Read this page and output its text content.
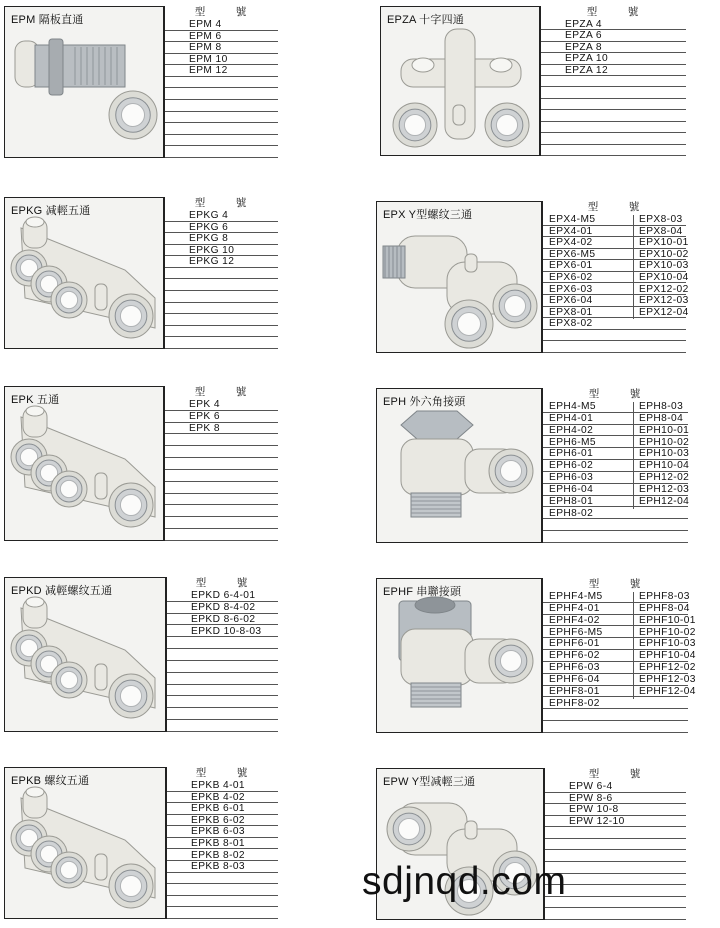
EPM 隔板直通
型　號
EPM 4
EPM 6
EPM 8
EPM 10
EPM 12
EPZA 十字四通
型　號
EPZA 4
EPZA 6
EPZA 8
EPZA 10
EPZA 12
EPKG 减輕五通
型　號
EPKG 4
EPKG 6
EPKG 8
EPKG 10
EPKG 12
EPX Y型螺纹三通
型　號
EPX4-M5	EPX8-03
EPX4-01	EPX8-04
EPX4-02	EPX10-01
EPX6-M5	EPX10-02
EPX6-01	EPX10-03
EPX6-02	EPX10-04
EPX6-03	EPX12-02
EPX6-04	EPX12-03
EPX8-01	EPX12-04
EPX8-02
EPK 五通
型　號
EPK 4
EPK 6
EPK 8
EPH 外六角接頭
型　號
EPH4-M5	EPH8-03
EPH4-01	EPH8-04
EPH4-02	EPH10-01
EPH6-M5	EPH10-02
EPH6-01	EPH10-03
EPH6-02	EPH10-04
EPH6-03	EPH12-02
EPH6-04	EPH12-03
EPH8-01	EPH12-04
EPH8-02
EPKD 减輕螺纹五通
型　號
EPKD 6-4-01
EPKD 8-4-02
EPKD 8-6-02
EPKD 10-8-03
EPHF 串聯接頭
型　號
EPHF4-M5	EPHF8-03
EPHF4-01	EPHF8-04
EPHF4-02	EPHF10-01
EPHF6-M5	EPHF10-02
EPHF6-01	EPHF10-03
EPHF6-02	EPHF10-04
EPHF6-03	EPHF12-02
EPHF6-04	EPHF12-03
EPHF8-01	EPHF12-04
EPHF8-02
EPKB 螺纹五通
型　號
EPKB 4-01
EPKB 4-02
EPKB 6-01
EPKB 6-02
EPKB 6-03
EPKB 8-01
EPKB 8-02
EPKB 8-03
EPW Y型减輕三通
型　號
EPW 6-4
EPW 8-6
EPW 10-8
EPW 12-10
sdjnqd.com
